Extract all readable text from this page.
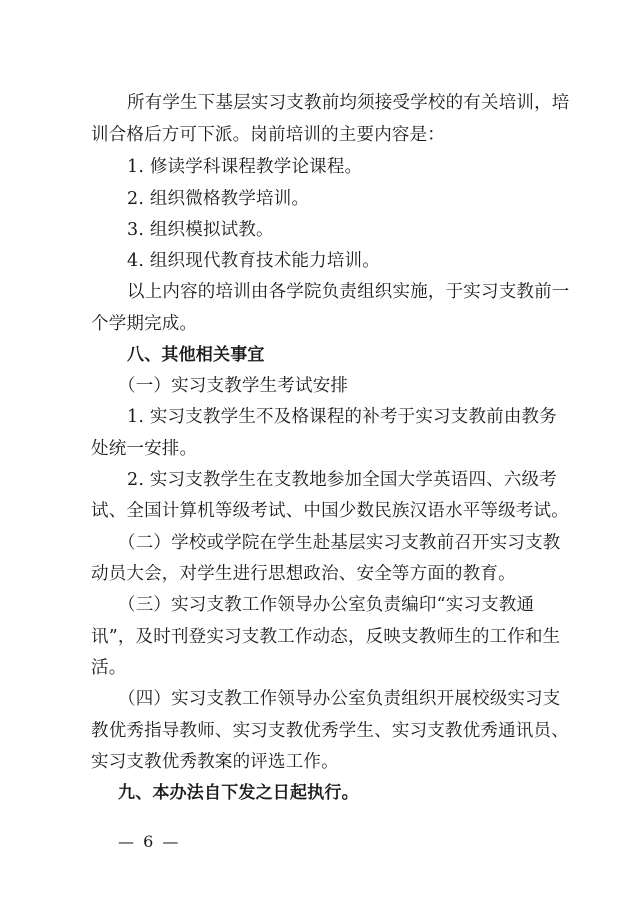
所有学生下基层实习支教前均须接受学校的有关培训，培
训合格后方可下派。岗前培训的主要内容是：
1. 修读学科课程教学论课程。
2. 组织微格教学培训。
3. 组织模拟试教。
4. 组织现代教育技术能力培训。
以上内容的培训由各学院负责组织实施，于实习支教前一
个学期完成。
八、其他相关事宜
（一）实习支教学生考试安排
1. 实习支教学生不及格课程的补考于实习支教前由教务
处统一安排。
2. 实习支教学生在支教地参加全国大学英语四、六级考
试、全国计算机等级考试、中国少数民族汉语水平等级考试。
（二）学校或学院在学生赴基层实习支教前召开实习支教
动员大会，对学生进行思想政治、安全等方面的教育。
（三）实习支教工作领导办公室负责编印“实习支教通
讯”，及时刊登实习支教工作动态，反映支教师生的工作和生
活。
（四）实习支教工作领导办公室负责组织开展校级实习支
教优秀指导教师、实习支教优秀学生、实习支教优秀通讯员、
实习支教优秀教案的评选工作。
九、本办法自下发之日起执行。
— 6 —
